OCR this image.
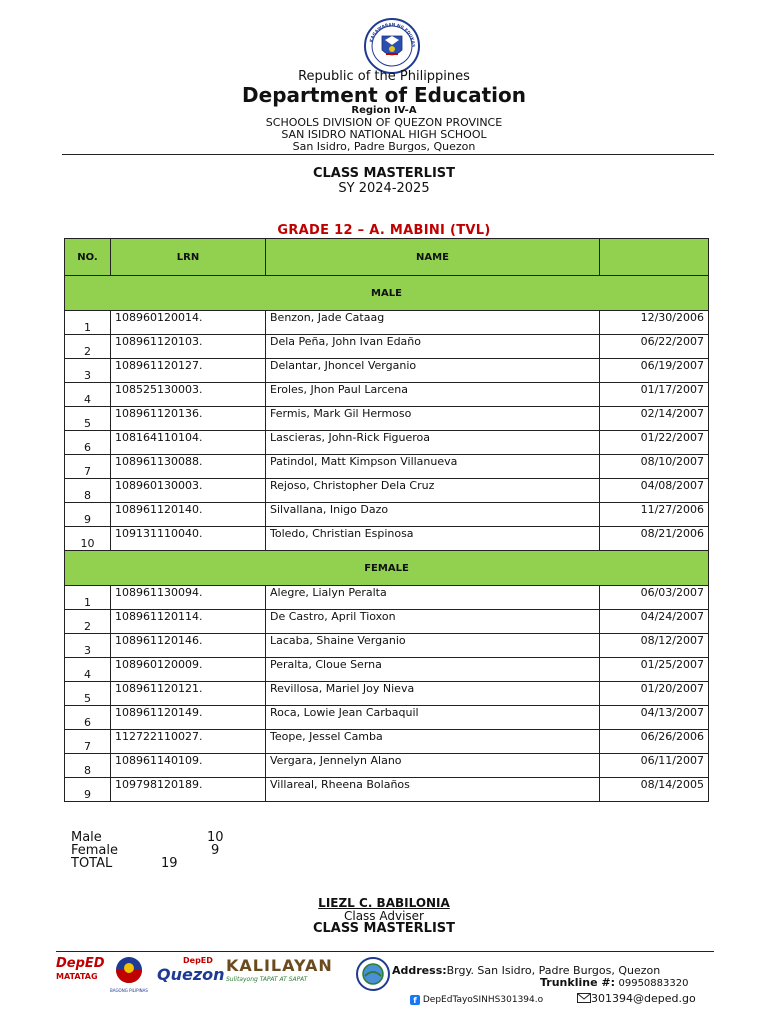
KAGAWARAN NG EDUKAS
Republic of the Philippines
Department of Education
Region IV-A
SCHOOLS DIVISION OF QUEZON PROVINCE
SAN ISIDRO NATIONAL HIGH SCHOOL
San Isidro, Padre Burgos, Quezon
CLASS MASTERLIST
SY 2024-2025
GRADE 12 – A. MABINI (TVL)
NO.	LRN	NAME	
MALE			
1	108960120014.	Benzon, Jade Cataag	12/30/2006
2	108961120103.	Dela Peña, John Ivan Edaño	06/22/2007
3	108961120127.	Delantar, Jhoncel Verganio	06/19/2007
4	108525130003.	Eroles, Jhon Paul Larcena	01/17/2007
5	108961120136.	Fermis, Mark Gil Hermoso	02/14/2007
6	108164110104.	Lascieras, John-Rick Figueroa	01/22/2007
7	108961130088.	Patindol, Matt Kimpson Villanueva	08/10/2007
8	108960130003.	Rejoso, Christopher Dela Cruz	04/08/2007
9	108961120140.	Silvallana, Inigo Dazo	11/27/2006
10	109131110040.	Toledo, Christian Espinosa	08/21/2006
FEMALE			
1	108961130094.	Alegre, Lialyn Peralta	06/03/2007
2	108961120114.	De Castro, April Tioxon	04/24/2007
3	108961120146.	Lacaba, Shaine Verganio	08/12/2007
4	108960120009.	Peralta, Cloue Serna	01/25/2007
5	108961120121.	Revillosa, Mariel Joy Nieva	01/20/2007
6	108961120149.	Roca, Lowie Jean Carbaquil	04/13/2007
7	112722110027.	Teope, Jessel Camba	06/26/2006
8	108961140109.	Vergara, Jennelyn Alano	06/11/2007
9	109798120189.	Villareal, Rheena Bolaños	08/14/2005
Male	10
Female	9
TOTAL	19
LIEZL C. BABILONIA
Class Adviser
CLASS MASTERLIST
DepED
MATATAG
BAGONG PILIPINAS
DepED
Quezon KALILAYAN
Sulitayong TAPAT AT SAPAT
Address:Brgy. San Isidro, Padre Burgos, Quezon
Trunkline #: 09950883320
f DepEdTayoSINHS301394.o	301394@deped.go
